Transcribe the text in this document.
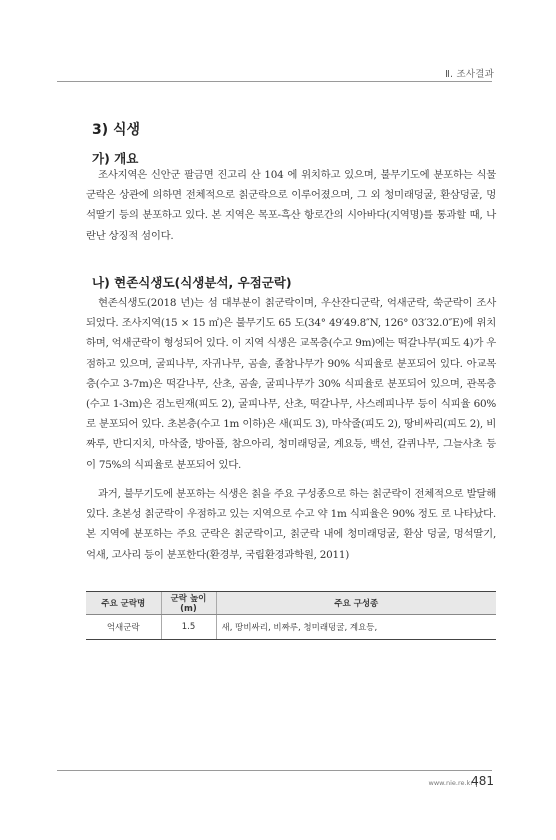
Ⅱ. 조사결과
3) 식생
가) 개요

조사지역은 신안군 팔금면 진고리 산 104 에 위치하고 있으며, 불무기도에 분포하는 식물군락은 상관에 의하면 전체적으로 칡군락으로 이루어졌으며, 그 외 청미래덩굴, 환삼덩굴, 멍석딸기 등의 분포하고 있다. 본 지역은 목포-흑산 항로간의 시아바다(지역명)를 통과할 때, 나란난 상징적 섬이다.

나) 현존식생도(식생분석, 우점군락)

현존식생도(2018 년)는 섬 대부분이 칡군락이며, 우산잔디군락, 억새군락, 쑥군락이 조사되었다. 조사지역(15 × 15 ㎡)은 불무기도 65 도(34° 49′49.8″N, 126° 03′32.0″E)에 위치하며, 억새군락이 형성되어 있다. 이 지역 식생은 교목층(수고 9m)에는 떡갈나무(피도 4)가 우점하고 있으며, 굴피나무, 자귀나무, 곰솔, 졸참나무가 90% 식피율로 분포되어 있다. 아교목층(수고 3-7m)은 떡갈나무, 산초, 곰솔, 굴피나무가 30% 식피율로 분포되어 있으며, 관목층(수고 1-3m)은 검노린재(피도 2), 굴피나무, 산초, 떡갈나무, 사스레피나무 등이 식피율 60%로 분포되어 있다. 초본층(수고 1m 이하)은 새(피도 3), 마삭줄(피도 2), 땅비싸리(피도 2), 비짜루, 반디지치, 마삭줄, 방아풀, 참으아리, 청미래덩굴, 계요등, 백선, 갈퀴나무, 그늘사초 등이 75%의 식피율로 분포되어 있다.

과거, 불무기도에 분포하는 식생은 칡을 주요 구성종으로 하는 칡군락이 전체적으로 발달해 있다. 초본성 칡군락이 우점하고 있는 지역으로 수고 약 1m 식피율은 90% 정도 로 나타났다. 본 지역에 분포하는 주요 군락은 칡군락이고, 칡군락 내에 청미래덩굴, 환삼 덩굴, 멍석딸기, 억새, 고사리 등이 분포한다(환경부, 국립환경과학원, 2011)

주요 군락명	군락 높이(m)	주요 구성종
억새군락	1.5	새, 땅비싸리, 비짜루, 청미래덩굴, 계요등,
www.nie.re.kr
481
